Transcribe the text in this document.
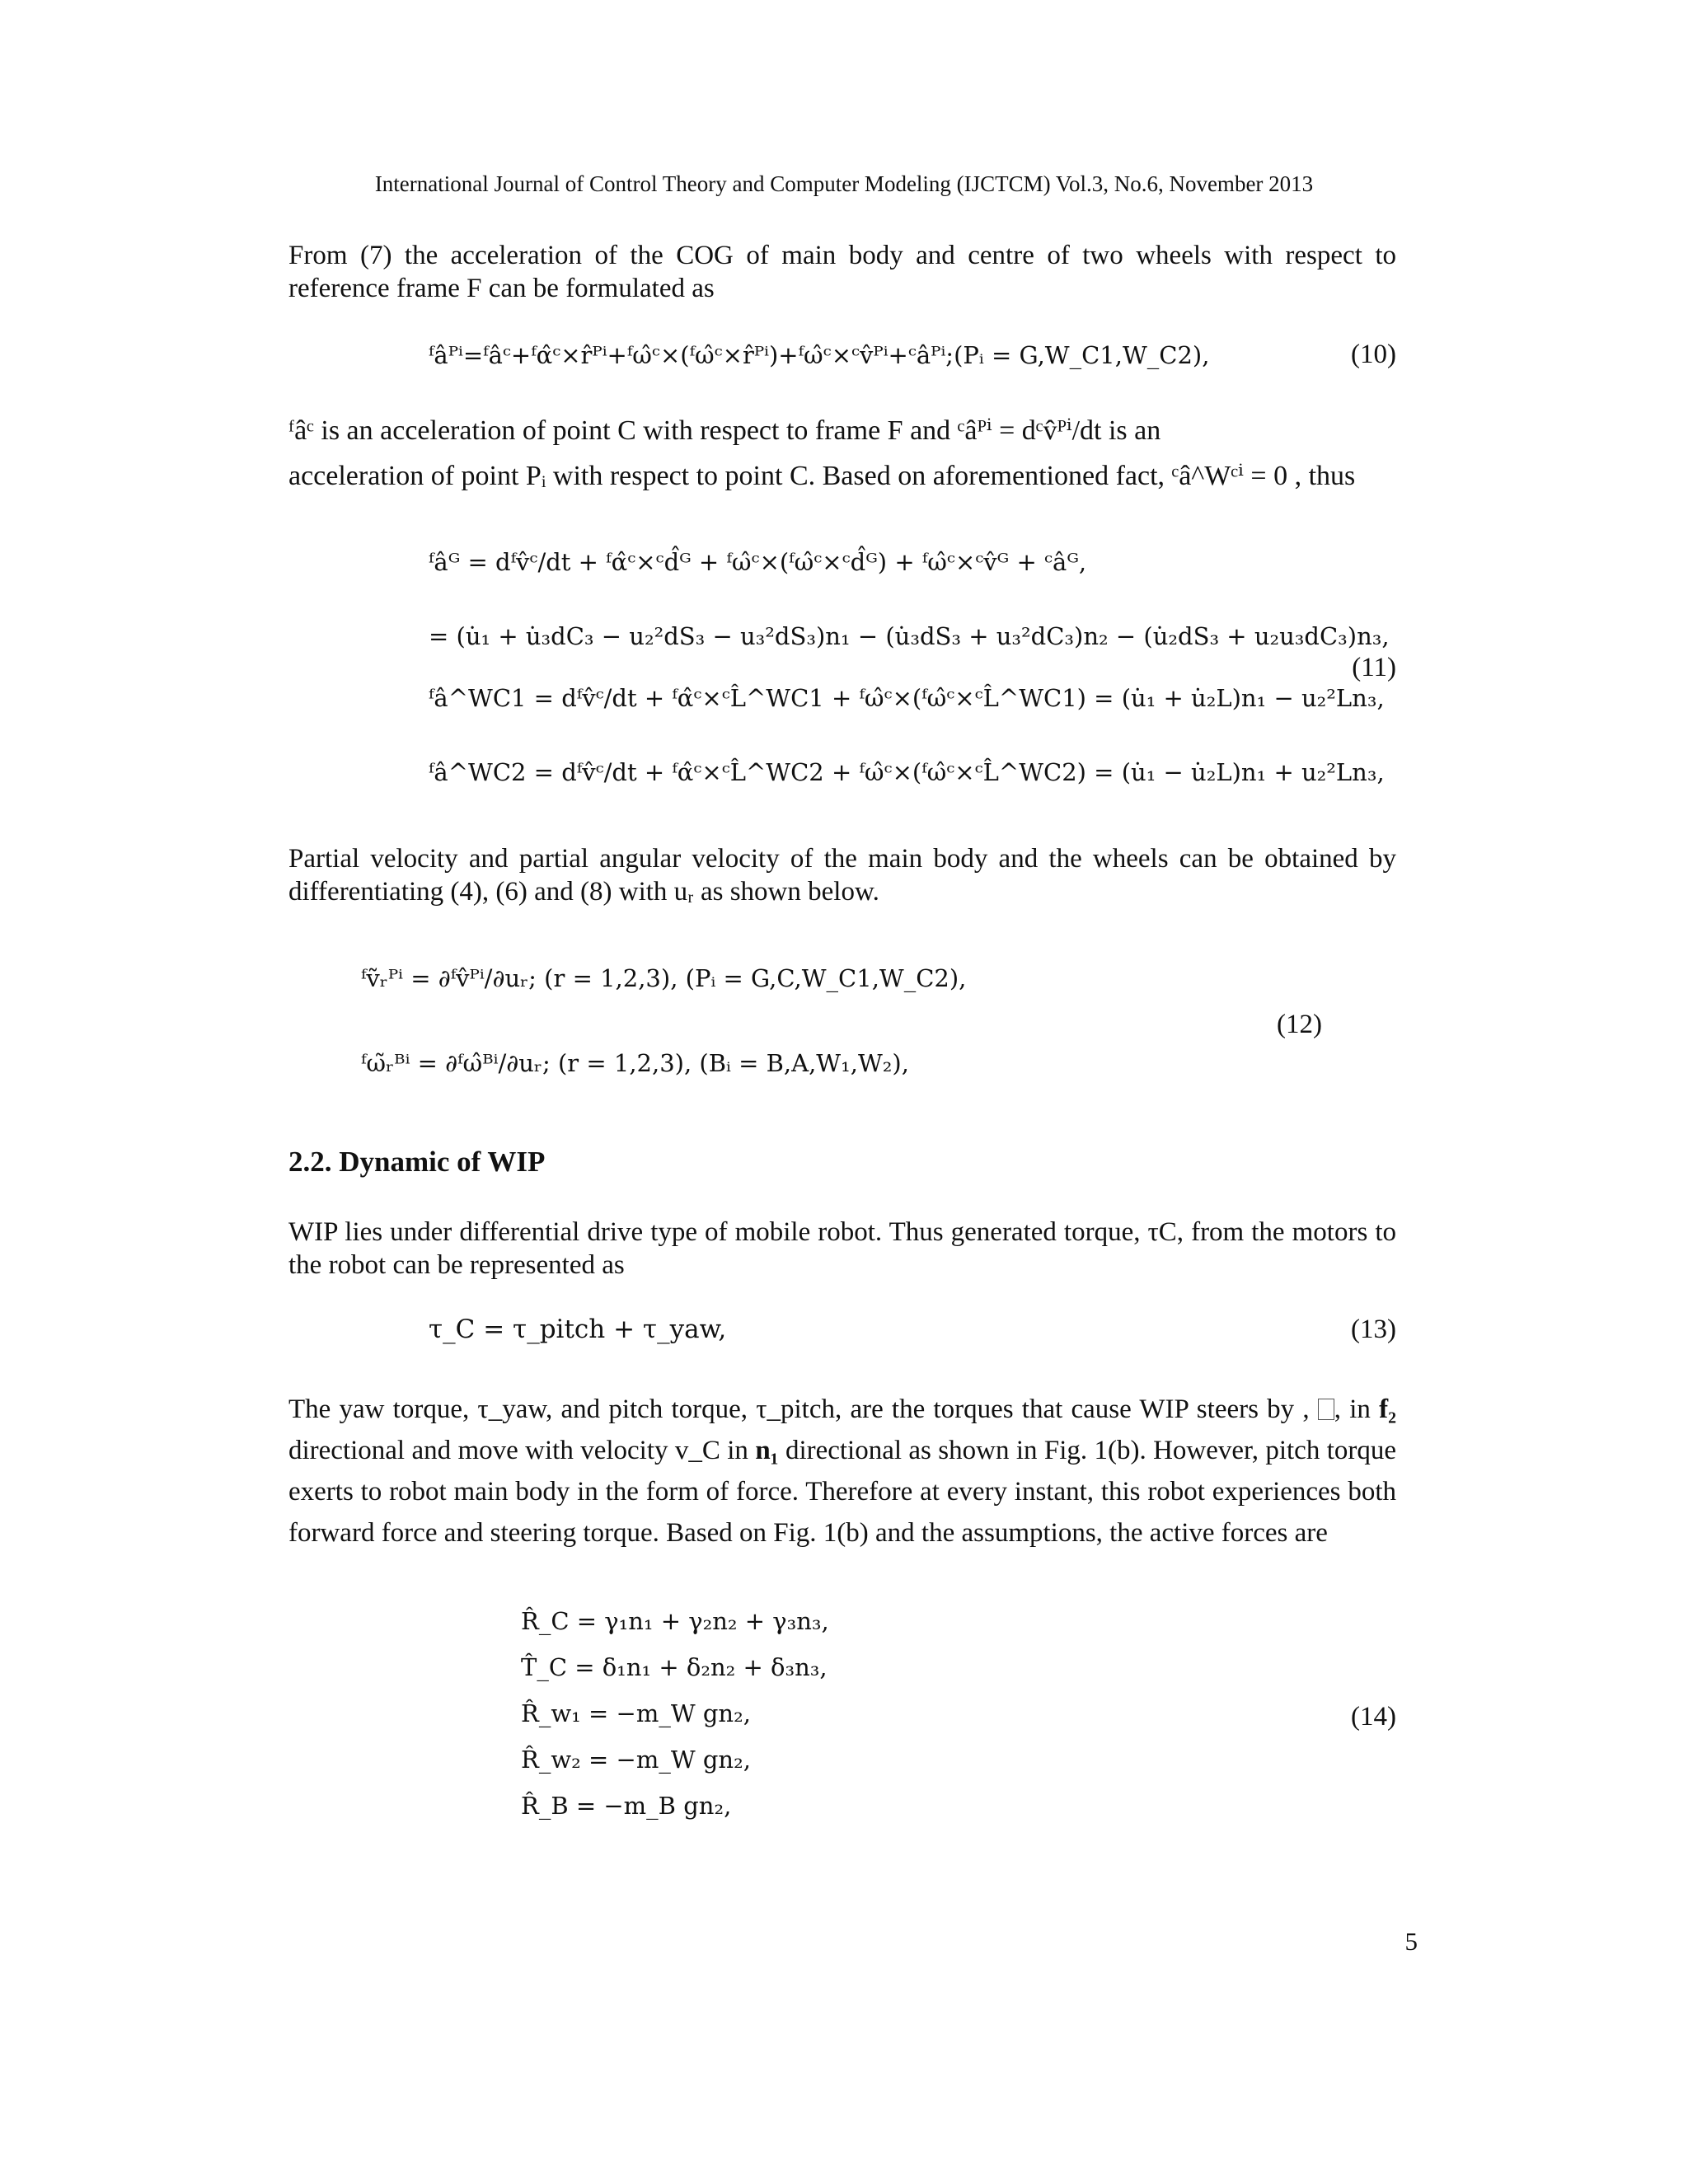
International Journal of Control Theory and Computer Modeling (IJCTCM) Vol.3, No.6, November 2013
From (7) the acceleration of the COG of main body and centre of two wheels with respect to reference frame F can be formulated as
ᶠâᴾⁱ=ᶠâᶜ+ᶠα̂ᶜ×r̂ᴾⁱ+ᶠω̂ᶜ×(ᶠω̂ᶜ×r̂ᴾⁱ)+ᶠω̂ᶜ×ᶜv̂ᴾⁱ+ᶜâᴾⁱ;(Pᵢ = G,W_C1,W_C2),	(10)
ᶠâᶜ is an acceleration of point C with respect to frame F and ᶜâᴾⁱ = dᶜv̂ᴾⁱ/dt is an
acceleration of point Pᵢ with respect to point C. Based on aforementioned fact, ᶜâ^Wᶜⁱ = 0 , thus
ᶠâᴳ = dᶠv̂ᶜ/dt + ᶠα̂ᶜ×ᶜd̂ᴳ + ᶠω̂ᶜ×(ᶠω̂ᶜ×ᶜd̂ᴳ) + ᶠω̂ᶜ×ᶜv̂ᴳ + ᶜâᴳ,
= (u̇₁ + u̇₃dC₃ − u₂²dS₃ − u₃²dS₃)n₁ − (u̇₃dS₃ + u₃²dC₃)n₂ − (u̇₂dS₃ + u₂u₃dC₃)n₃,
ᶠâ^WC1 = dᶠv̂ᶜ/dt + ᶠα̂ᶜ×ᶜL̂^WC1 + ᶠω̂ᶜ×(ᶠω̂ᶜ×ᶜL̂^WC1) = (u̇₁ + u̇₂L)n₁ − u₂²Ln₃,
ᶠâ^WC2 = dᶠv̂ᶜ/dt + ᶠα̂ᶜ×ᶜL̂^WC2 + ᶠω̂ᶜ×(ᶠω̂ᶜ×ᶜL̂^WC2) = (u̇₁ − u̇₂L)n₁ + u₂²Ln₃,
(11)
Partial velocity and partial angular velocity of the main body and the wheels can be obtained by differentiating (4), (6) and (8) with uᵣ as shown below.
ᶠṽᵣᴾⁱ = ∂ᶠv̂ᴾⁱ/∂uᵣ; (r = 1,2,3), (Pᵢ = G,C,W_C1,W_C2),
ᶠω̃ᵣᴮⁱ = ∂ᶠω̂ᴮⁱ/∂uᵣ; (r = 1,2,3), (Bᵢ = B,A,W₁,W₂),
(12)
2.2. Dynamic of WIP
WIP lies under differential drive type of mobile robot. Thus generated torque, τC, from the motors to the robot can be represented as
τ_C = τ_pitch + τ_yaw,	(13)
The yaw torque, τ_yaw, and pitch torque, τ_pitch, are the torques that cause WIP steers by , , in f₂ directional and move with velocity v_C in n₁ directional as shown in Fig. 1(b). However, pitch torque exerts to robot main body in the form of force. Therefore at every instant, this robot experiences both forward force and steering torque. Based on Fig. 1(b) and the assumptions, the active forces are
R̂_C = γ₁n₁ + γ₂n₂ + γ₃n₃,
T̂_C = δ₁n₁ + δ₂n₂ + δ₃n₃,
R̂_w₁ = −m_W gn₂,
R̂_w₂ = −m_W gn₂,
R̂_B = −m_B gn₂,
(14)
5
